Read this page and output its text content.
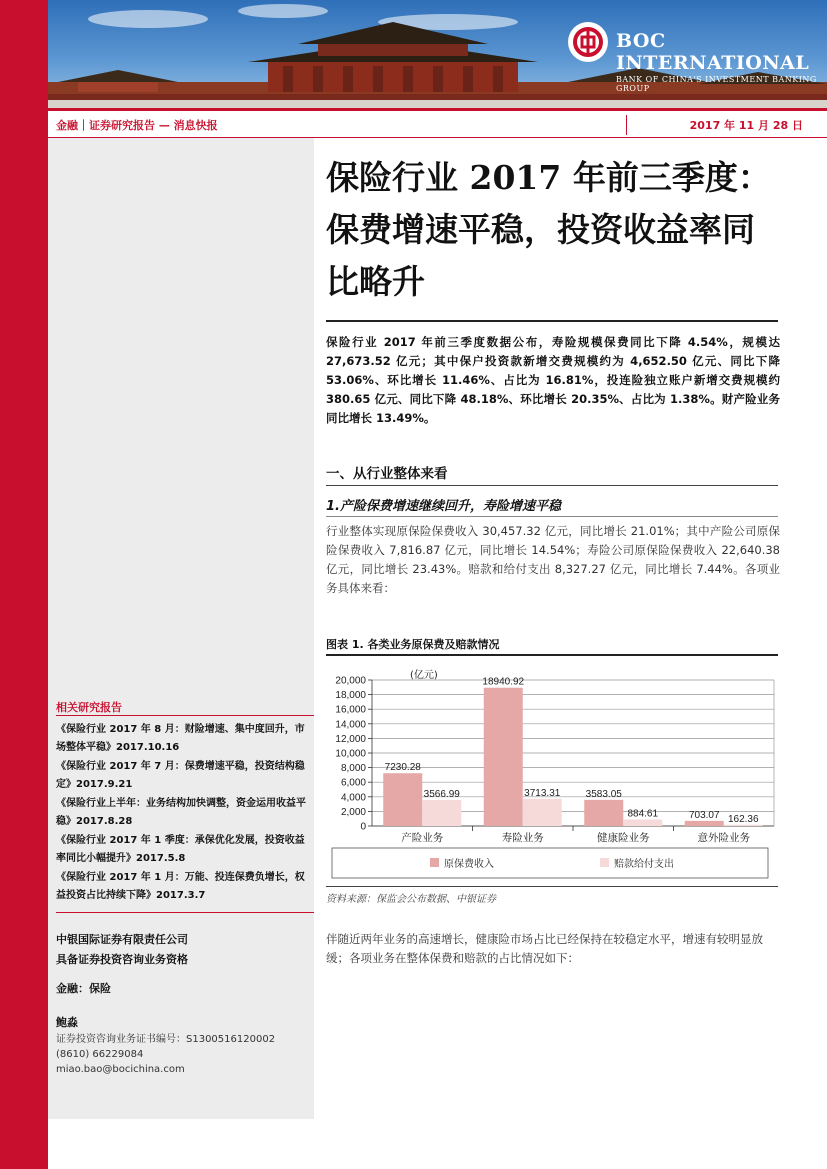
BOC INTERNATIONAL
BANK OF CHINA'S INVESTMENT BANKING GROUP
金融｜证券研究报告 — 消息快报	2017 年 11 月 28 日
保险行业 2017 年前三季度：保费增速平稳，投资收益率同比略升
保险行业 2017 年前三季度数据公布，寿险规模保费同比下降 4.54%，规模达 27,673.52 亿元；其中保户投资款新增交费规模约为 4,652.50 亿元、同比下降 53.06%、环比增长 11.46%、占比为 16.81%，投连险独立账户新增交费规模约 380.65 亿元、同比下降 48.18%、环比增长 20.35%、占比为 1.38%。财产险业务同比增长 13.49%。
一、从行业整体来看
1.产险保费增速继续回升，寿险增速平稳
行业整体实现原保险保费收入 30,457.32 亿元，同比增长 21.01%；其中产险公司原保险保费收入 7,816.87 亿元，同比增长 14.54%；寿险公司原保险保费收入 22,640.38 亿元，同比增长 23.43%。赔款和给付支出 8,327.27 亿元，同比增长 7.44%。各项业务具体来看：
图表 1. 各类业务原保费及赔款情况
0
2,000
4,000
6,000
8,000
10,000
12,000
14,000
16,000
18,000
20,000	(亿元)
7230.28
3566.99
产险业务
18940.92
3713.31
寿险业务
3583.05
884.61
健康险业务
703.07 162.36
意外险业务
原保费收入	赔款给付支出
资料来源：保监会公布数据、中银证券
伴随近两年业务的高速增长，健康险市场占比已经保持在较稳定水平，增速有较明显放缓；各项业务在整体保费和赔款的占比情况如下：
相关研究报告
《保险行业 2017 年 8 月：财险增速、集中度回升，市场整体平稳》2017.10.16
《保险行业 2017 年 7 月：保费增速平稳，投资结构稳定》2017.9.21
《保险行业上半年：业务结构加快调整，资金运用收益平稳》2017.8.28
《保险行业 2017 年 1 季度：承保优化发展，投资收益率同比小幅提升》2017.5.8
《保险行业 2017 年 1 月：万能、投连保费负增长，权益投资占比持续下降》2017.3.7
中银国际证券有限责任公司
具备证券投资咨询业务资格
金融：保险
鲍淼
证券投资咨询业务证书编号：S1300516120002
(8610) 66229084
miao.bao@bocichina.com
